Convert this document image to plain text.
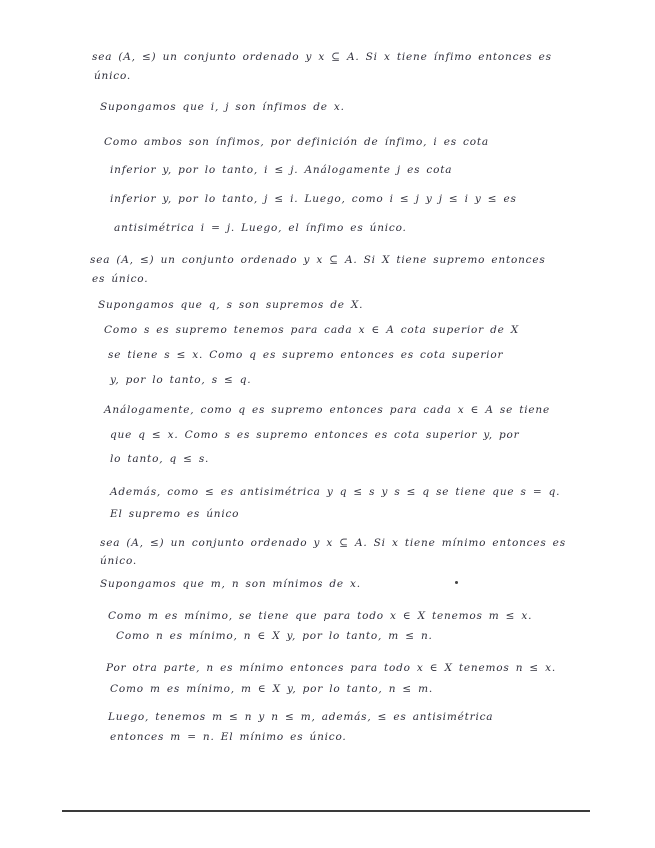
sea (A, ≤) un conjunto ordenado y x ⊆ A. Si x tiene ínfimo entonces es
único.
Supongamos que i, j son ínfimos de x.
Como ambos son ínfimos, por definición de ínfimo, i es cota
inferior y, por lo tanto, i ≤ j. Análogamente j es cota
inferior y, por lo tanto, j ≤ i. Luego, como i ≤ j y j ≤ i y ≤ es
antisimétrica i = j. Luego, el ínfimo es único.
sea (A, ≤) un conjunto ordenado y x ⊆ A. Si X tiene supremo entonces
es único.
Supongamos que q, s son supremos de X.
Como s es supremo tenemos para cada x ∈ A cota superior de X
se tiene s ≤ x. Como q es supremo entonces es cota superior
y, por lo tanto, s ≤ q.
Análogamente, como q es supremo entonces para cada x ∈ A se tiene
que q ≤ x. Como s es supremo entonces es cota superior y, por
lo tanto, q ≤ s.
Además, como ≤ es antisimétrica y q ≤ s y s ≤ q se tiene que s = q.
El supremo es único
sea (A, ≤) un conjunto ordenado y x ⊆ A. Si x tiene mínimo entonces es
único.
Supongamos que m, n son mínimos de x.
Como m es mínimo, se tiene que para todo x ∈ X tenemos m ≤ x.
Como n es mínimo, n ∈ X y, por lo tanto, m ≤ n.
Por otra parte, n es mínimo entonces para todo x ∈ X tenemos n ≤ x.
Como m es mínimo, m ∈ X y, por lo tanto, n ≤ m.
Luego, tenemos m ≤ n y n ≤ m, además, ≤ es antisimétrica
entonces m = n. El mínimo es único.
